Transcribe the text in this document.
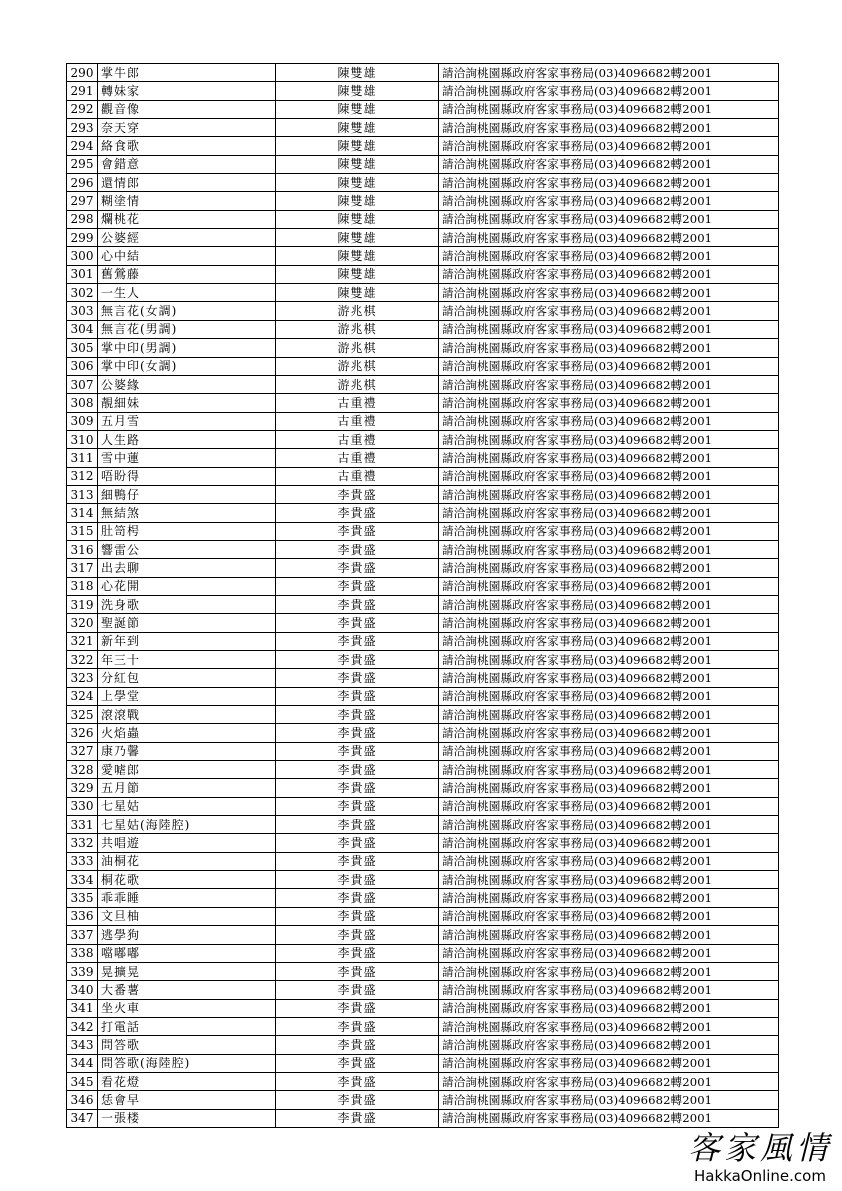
290	掌牛郎	陳雙雄	請洽詢桃園縣政府客家事務局(03)4096682轉2001
291	轉妹家	陳雙雄	請洽詢桃園縣政府客家事務局(03)4096682轉2001
292	觀音像	陳雙雄	請洽詢桃園縣政府客家事務局(03)4096682轉2001
293	奈天穿	陳雙雄	請洽詢桃園縣政府客家事務局(03)4096682轉2001
294	絡食歌	陳雙雄	請洽詢桃園縣政府客家事務局(03)4096682轉2001
295	會錯意	陳雙雄	請洽詢桃園縣政府客家事務局(03)4096682轉2001
296	還情郎	陳雙雄	請洽詢桃園縣政府客家事務局(03)4096682轉2001
297	糊塗情	陳雙雄	請洽詢桃園縣政府客家事務局(03)4096682轉2001
298	爛桃花	陳雙雄	請洽詢桃園縣政府客家事務局(03)4096682轉2001
299	公婆經	陳雙雄	請洽詢桃園縣政府客家事務局(03)4096682轉2001
300	心中結	陳雙雄	請洽詢桃園縣政府客家事務局(03)4096682轉2001
301	舊鶯藤	陳雙雄	請洽詢桃園縣政府客家事務局(03)4096682轉2001
302	一生人	陳雙雄	請洽詢桃園縣政府客家事務局(03)4096682轉2001
303	無言花(女調)	游兆棋	請洽詢桃園縣政府客家事務局(03)4096682轉2001
304	無言花(男調)	游兆棋	請洽詢桃園縣政府客家事務局(03)4096682轉2001
305	掌中印(男調)	游兆棋	請洽詢桃園縣政府客家事務局(03)4096682轉2001
306	掌中印(女調)	游兆棋	請洽詢桃園縣政府客家事務局(03)4096682轉2001
307	公婆緣	游兆棋	請洽詢桃園縣政府客家事務局(03)4096682轉2001
308	靚細妹	古重禮	請洽詢桃園縣政府客家事務局(03)4096682轉2001
309	五月雪	古重禮	請洽詢桃園縣政府客家事務局(03)4096682轉2001
310	人生路	古重禮	請洽詢桃園縣政府客家事務局(03)4096682轉2001
311	雪中蓮	古重禮	請洽詢桃園縣政府客家事務局(03)4096682轉2001
312	唔盼得	古重禮	請洽詢桃園縣政府客家事務局(03)4096682轉2001
313	細鴨仔	李貴盛	請洽詢桃園縣政府客家事務局(03)4096682轉2001
314	無結煞	李貴盛	請洽詢桃園縣政府客家事務局(03)4096682轉2001
315	肚笥枵	李貴盛	請洽詢桃園縣政府客家事務局(03)4096682轉2001
316	響雷公	李貴盛	請洽詢桃園縣政府客家事務局(03)4096682轉2001
317	出去聊	李貴盛	請洽詢桃園縣政府客家事務局(03)4096682轉2001
318	心花開	李貴盛	請洽詢桃園縣政府客家事務局(03)4096682轉2001
319	洗身歌	李貴盛	請洽詢桃園縣政府客家事務局(03)4096682轉2001
320	聖誕節	李貴盛	請洽詢桃園縣政府客家事務局(03)4096682轉2001
321	新年到	李貴盛	請洽詢桃園縣政府客家事務局(03)4096682轉2001
322	年三十	李貴盛	請洽詢桃園縣政府客家事務局(03)4096682轉2001
323	分紅包	李貴盛	請洽詢桃園縣政府客家事務局(03)4096682轉2001
324	上學堂	李貴盛	請洽詢桃園縣政府客家事務局(03)4096682轉2001
325	滾滾戰	李貴盛	請洽詢桃園縣政府客家事務局(03)4096682轉2001
326	火焰蟲	李貴盛	請洽詢桃園縣政府客家事務局(03)4096682轉2001
327	康乃馨	李貴盛	請洽詢桃園縣政府客家事務局(03)4096682轉2001
328	愛㖸郎	李貴盛	請洽詢桃園縣政府客家事務局(03)4096682轉2001
329	五月節	李貴盛	請洽詢桃園縣政府客家事務局(03)4096682轉2001
330	七星姑	李貴盛	請洽詢桃園縣政府客家事務局(03)4096682轉2001
331	七星姑(海陸腔)	李貴盛	請洽詢桃園縣政府客家事務局(03)4096682轉2001
332	共唱遊	李貴盛	請洽詢桃園縣政府客家事務局(03)4096682轉2001
333	油桐花	李貴盛	請洽詢桃園縣政府客家事務局(03)4096682轉2001
334	桐花歌	李貴盛	請洽詢桃園縣政府客家事務局(03)4096682轉2001
335	乖乖睡	李貴盛	請洽詢桃園縣政府客家事務局(03)4096682轉2001
336	文旦柚	李貴盛	請洽詢桃園縣政府客家事務局(03)4096682轉2001
337	逃學狗	李貴盛	請洽詢桃園縣政府客家事務局(03)4096682轉2001
338	噹嘟嘟	李貴盛	請洽詢桃園縣政府客家事務局(03)4096682轉2001
339	晃擴晃	李貴盛	請洽詢桃園縣政府客家事務局(03)4096682轉2001
340	大番薯	李貴盛	請洽詢桃園縣政府客家事務局(03)4096682轉2001
341	坐火車	李貴盛	請洽詢桃園縣政府客家事務局(03)4096682轉2001
342	打電話	李貴盛	請洽詢桃園縣政府客家事務局(03)4096682轉2001
343	問答歌	李貴盛	請洽詢桃園縣政府客家事務局(03)4096682轉2001
344	問答歌(海陸腔)	李貴盛	請洽詢桃園縣政府客家事務局(03)4096682轉2001
345	看花燈	李貴盛	請洽詢桃園縣政府客家事務局(03)4096682轉2001
346	恁會早	李貴盛	請洽詢桃園縣政府客家事務局(03)4096682轉2001
347	一張楼	李貴盛	請洽詢桃園縣政府客家事務局(03)4096682轉2001
客家風情
HakkaOnline.com
